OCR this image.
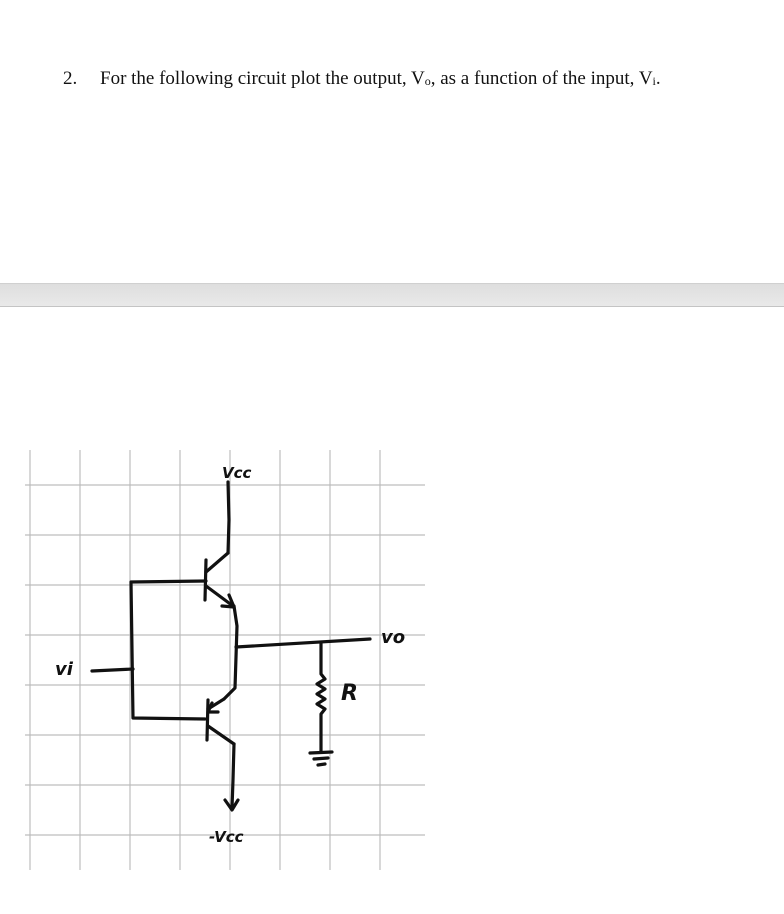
2. For the following circuit plot the output, Vo, as a function of the input, Vi.
Vcc
-Vcc
vi
vo
R
